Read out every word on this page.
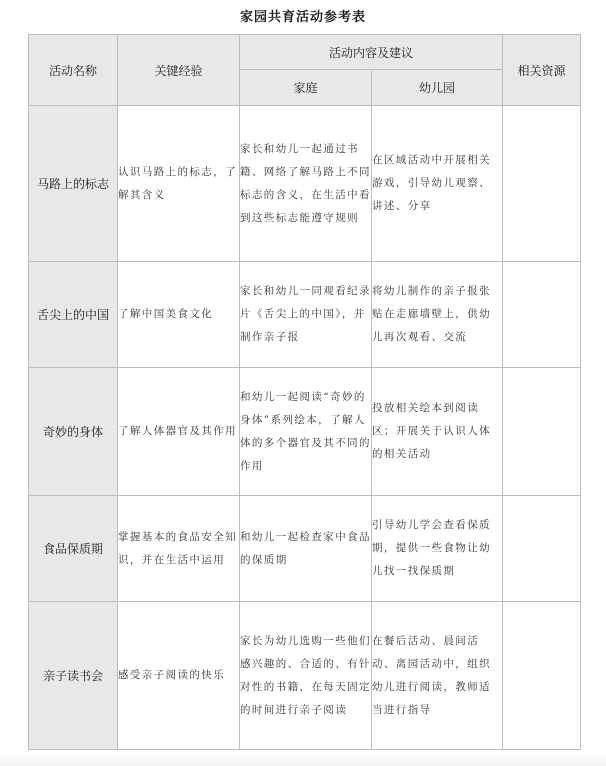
家园共育活动参考表
活动名称	关键经验	活动内容及建议		相关资源
		家庭	幼儿园	
马路上的标志	认识马路上的标志，了解其含义	家长和幼儿一起通过书籍、网络了解马路上不同标志的含义，在生活中看到这些标志能遵守规则	在区域活动中开展相关游戏，引导幼儿观察、讲述、分享	
舌尖上的中国	了解中国美食文化	家长和幼儿一同观看纪录片《舌尖上的中国》，并制作亲子报	将幼儿制作的亲子报张贴在走廊墙壁上，供幼儿再次观看、交流	
奇妙的身体	了解人体器官及其作用	和幼儿一起阅读“奇妙的身体”系列绘本，了解人体的多个器官及其不同的作用	投放相关绘本到阅读区；开展关于认识人体的相关活动	
食品保质期	掌握基本的食品安全知识，并在生活中运用	和幼儿一起检查家中食品的保质期	引导幼儿学会查看保质期，提供一些食物让幼儿找一找保质期	
亲子读书会	感受亲子阅读的快乐	家长为幼儿选购一些他们感兴趣的、合适的、有针对性的书籍，在每天固定的时间进行亲子阅读	在餐后活动、晨间活动、离园活动中，组织幼儿进行阅读，教师适当进行指导	
